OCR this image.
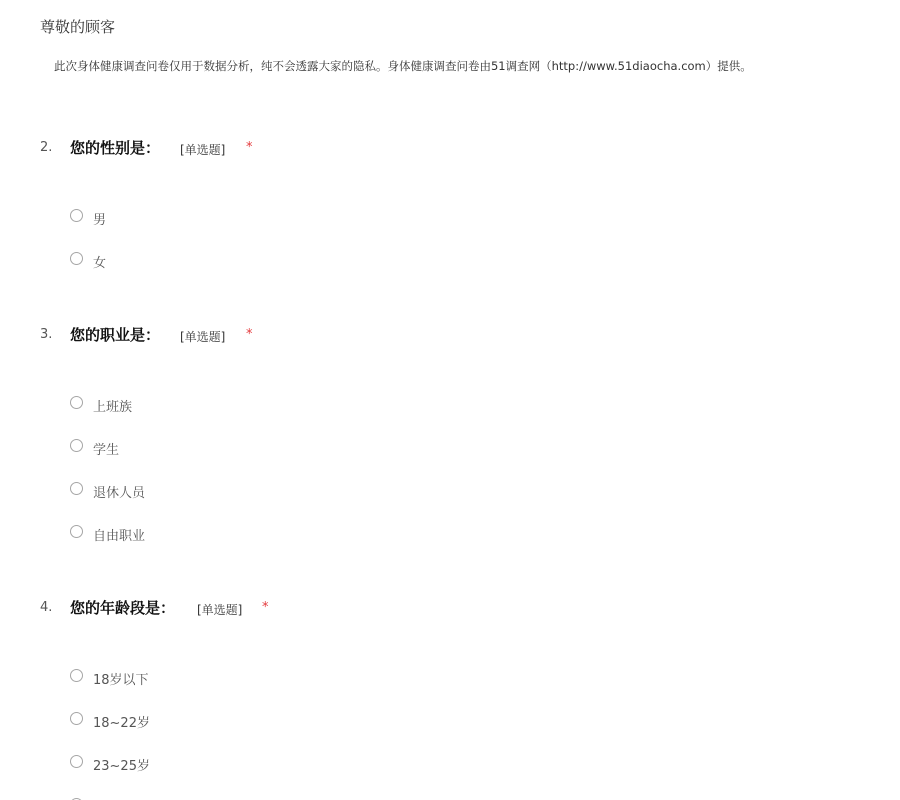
尊敬的顾客
此次身体健康调查问卷仅用于数据分析，纯不会透露大家的隐私。身体健康调查问卷由51调查网（http://www.51diaocha.com）提供。
2. 您的性别是： [单选题] *
男
女
3. 您的职业是： [单选题] *
上班族
学生
退休人员
自由职业
4. 您的年龄段是： [单选题] *
18岁以下
18~22岁
23~25岁
